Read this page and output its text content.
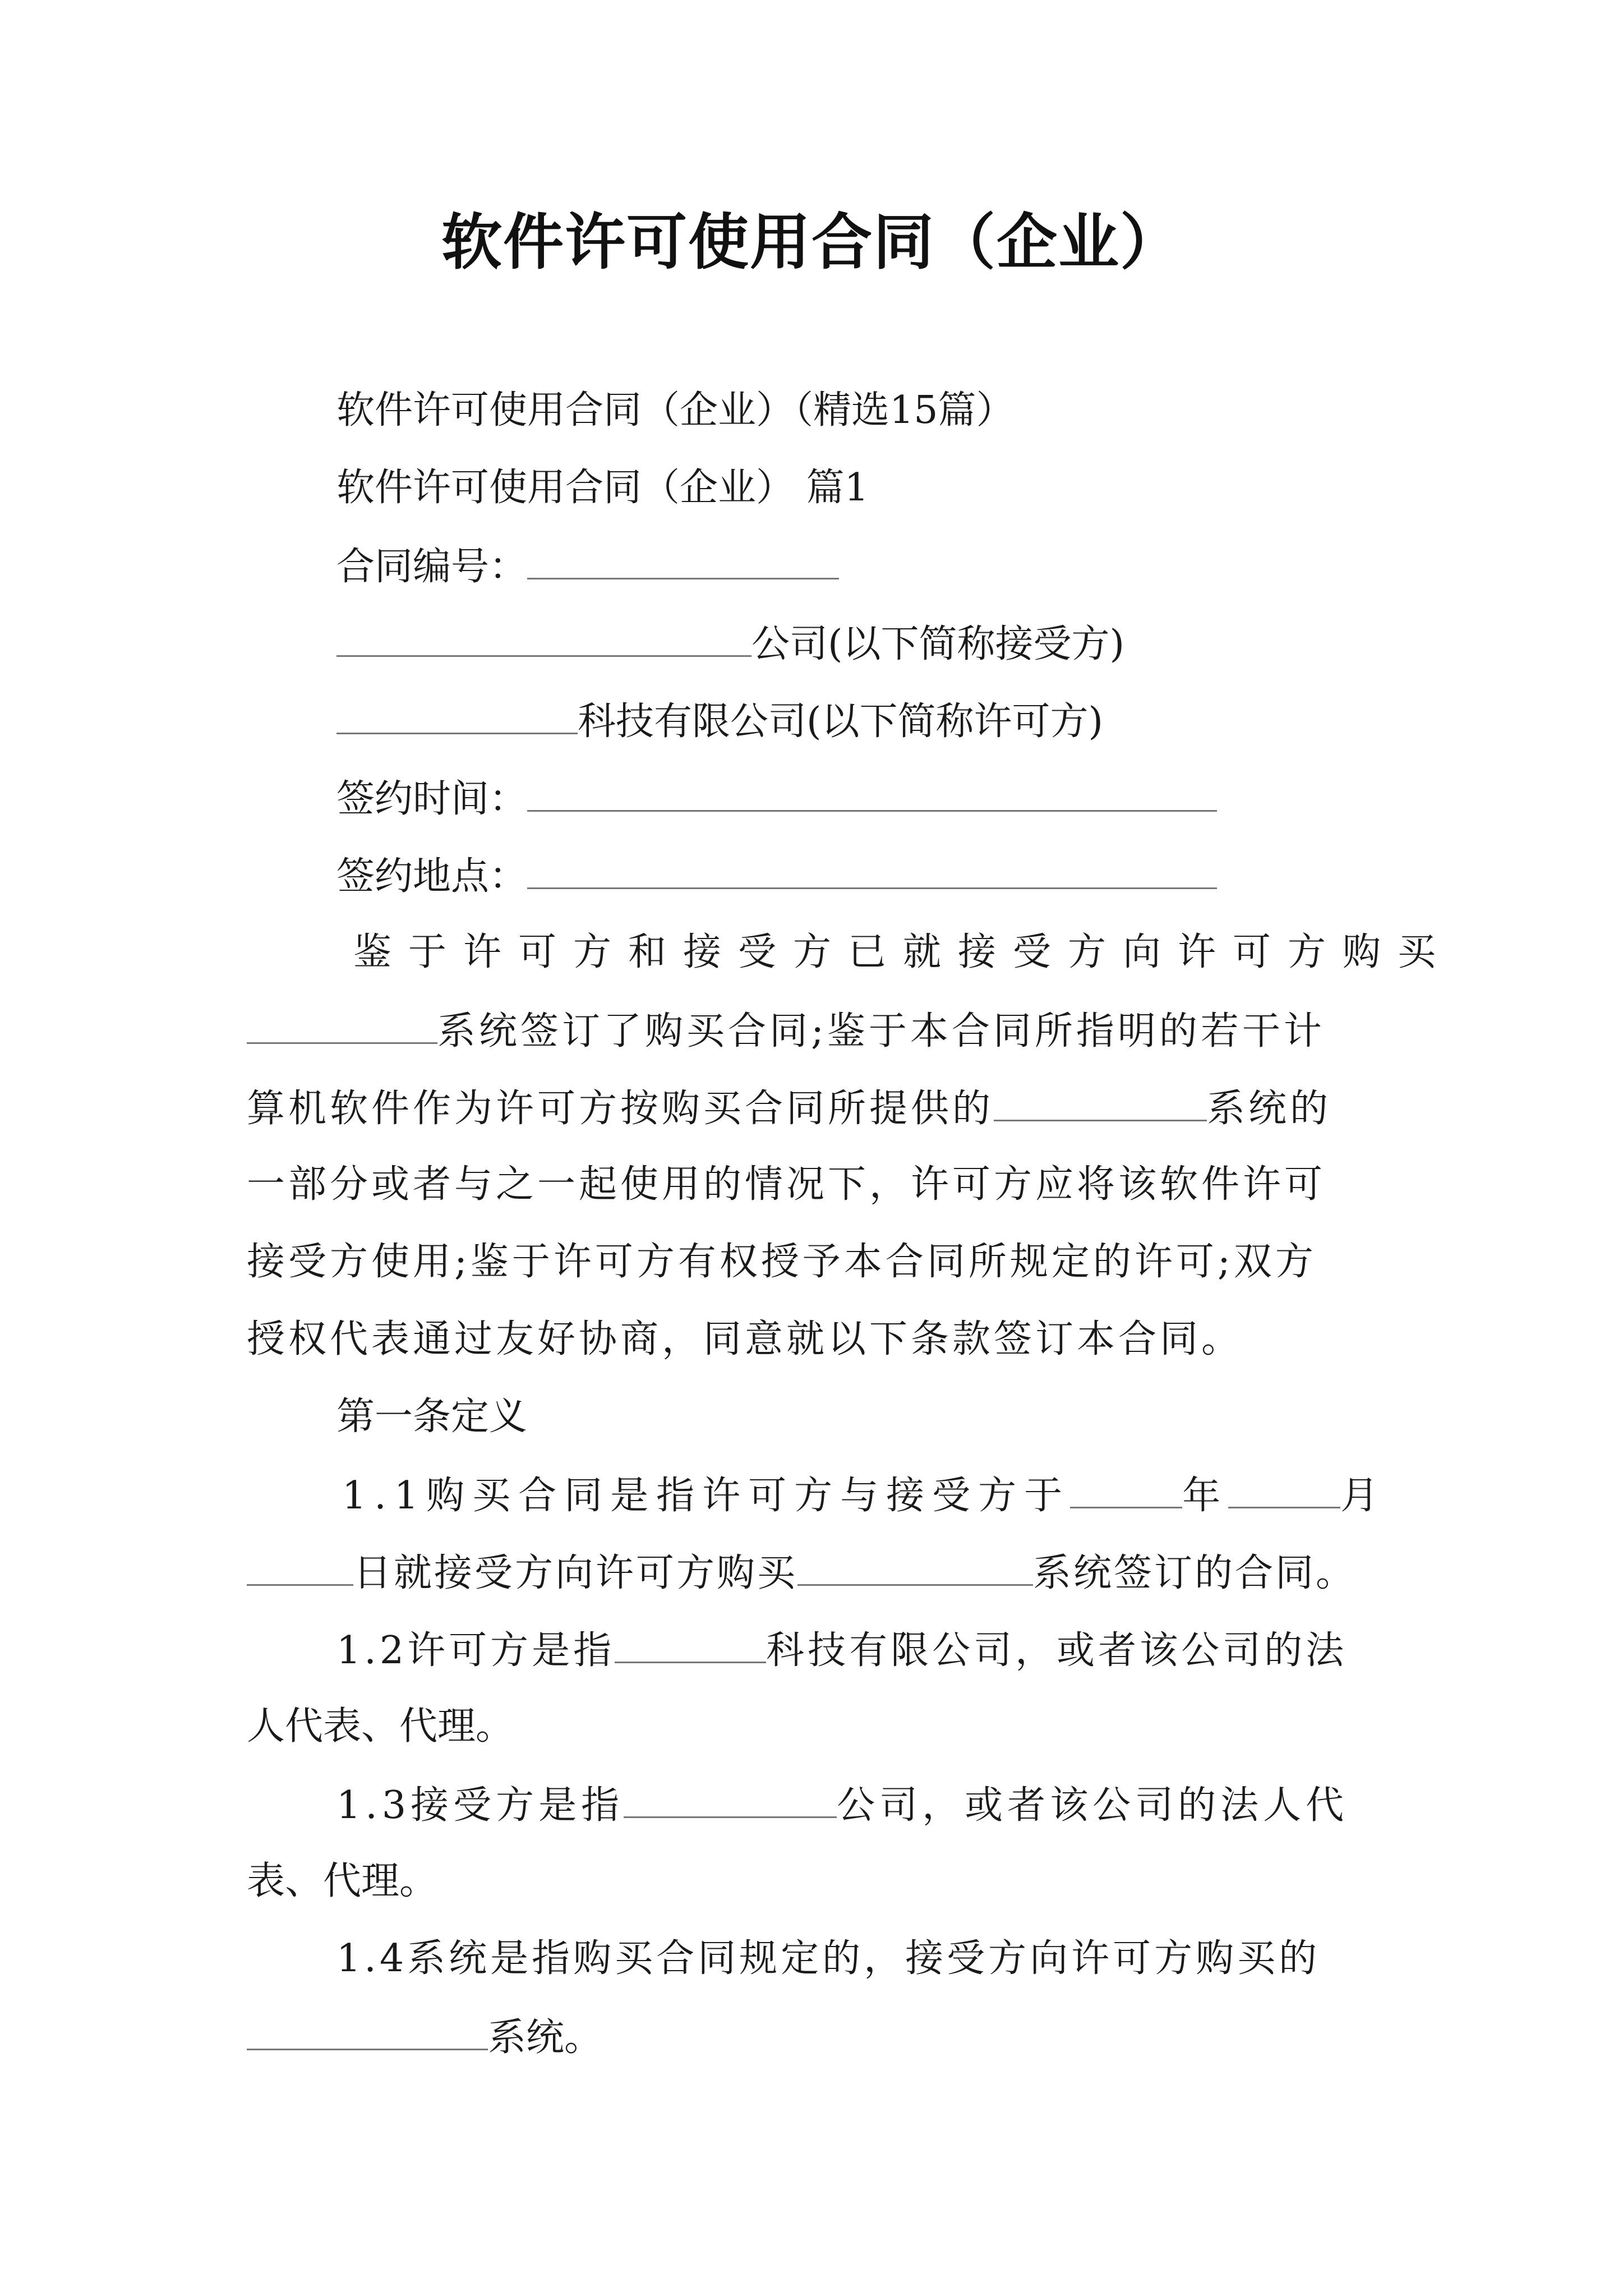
软件许可使用合同（企业）
软件许可使用合同（企业）（精选15篇）
软件许可使用合同（企业） 篇1
合同编号：
公司(以下简称接受方)
科技有限公司(以下简称许可方)
签约时间：
签约地点：
鉴于许可方和接受方已就接受方向许可方购买
系统签订了购买合同;鉴于本合同所指明的若干计
算机软件作为许可方按购买合同所提供的	系统的
一部分或者与之一起使用的情况下，许可方应将该软件许可
接受方使用;鉴于许可方有权授予本合同所规定的许可;双方
授权代表通过友好协商，同意就以下条款签订本合同。
第一条定义
1.1购买合同是指许可方与接受方于	年	月
日就接受方向许可方购买	系统签订的合同。
1.2许可方是指	科技有限公司，或者该公司的法
人代表、代理。
1.3接受方是指	公司，或者该公司的法人代
表、代理。
1.4系统是指购买合同规定的，接受方向许可方购买的
系统。
